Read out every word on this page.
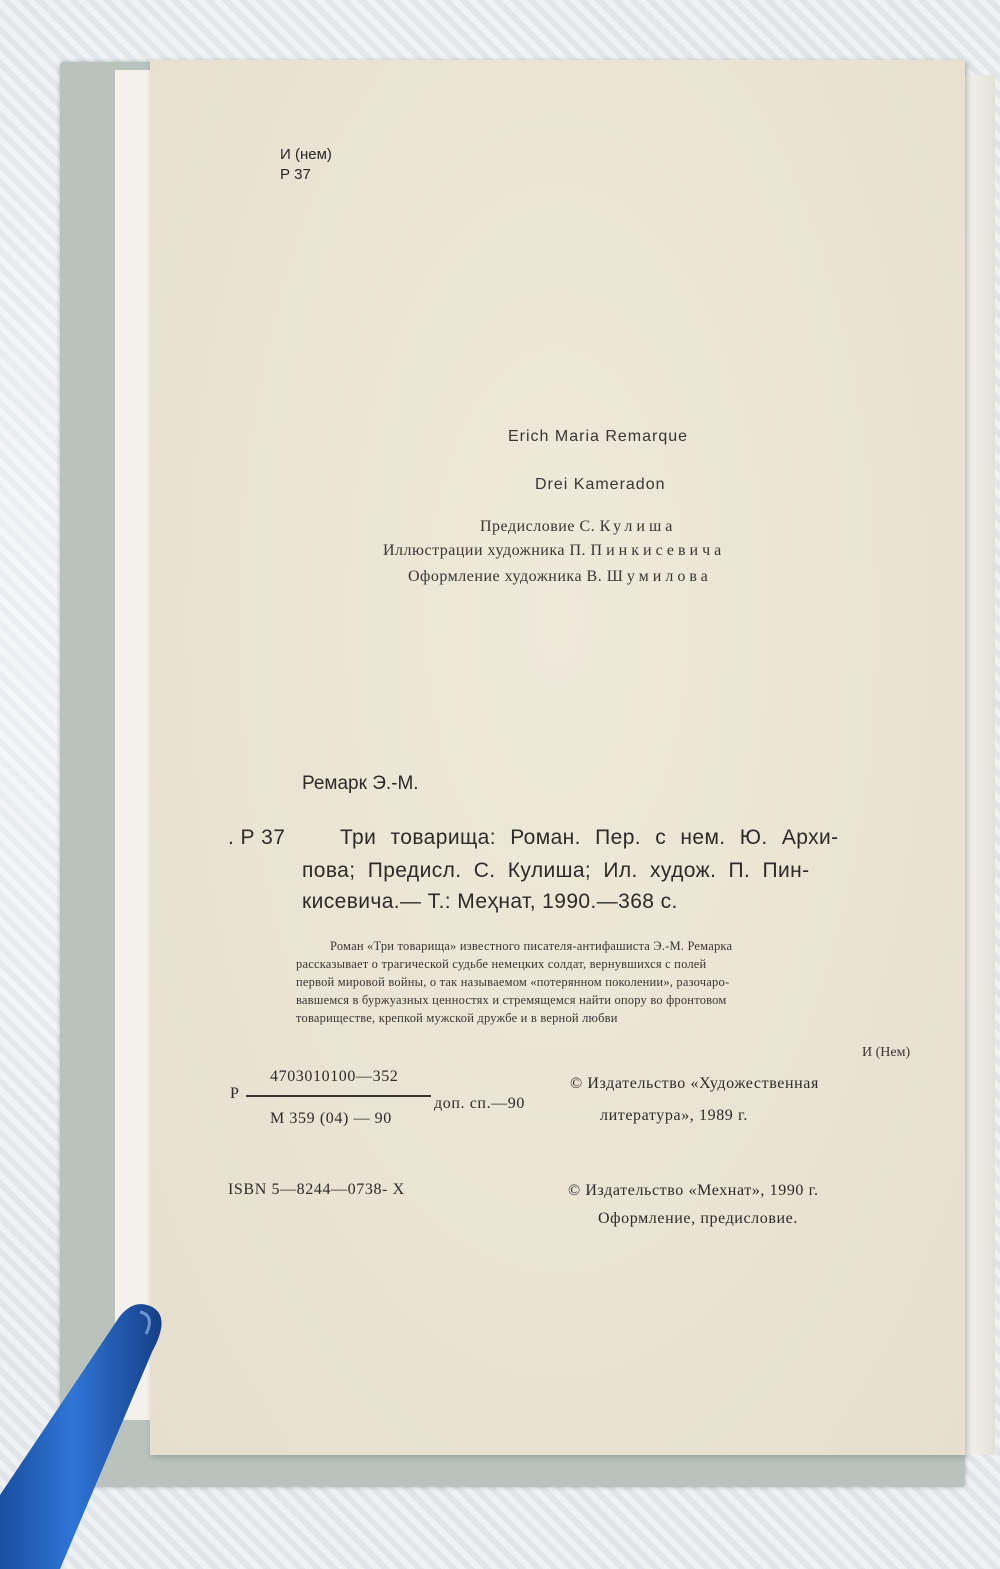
И (нем)
Р 37
Erich Maria Remarque
Drei Kameradon
Предисловие С. Кулиша
Иллюстрации художника П. Пинкисевича
Оформление художника В. Шумилова
Ремарк Э.-М.
. Р 37	Три товарища: Роман. Пер. с нем. Ю. Архи-
пова; Предисл. С. Кулиша; Ил. худож. П. Пин-
кисевича.— Т.: Меҳнат, 1990.—368 с.
Роман «Три товарища» известного писателя-антифашиста Э.-М. Ремарка
рассказывает о трагической судьбе немецких солдат, вернувшихся с полей
первой мировой войны, о так называемом «потерянном поколении», разочаро-
вавшемся в буржуазных ценностях и стремящемся найти опору во фронтовом
товариществе, крепкой мужской дружбе и в верной любви
И (Нем)
Р
4703010100—352
М 359 (04) — 90
доп. сп.—90
© Издательство «Художественная
литература», 1989 г.
ISBN 5—8244—0738- X	© Издательство «Мехнат», 1990 г.
Оформление, предисловие.
